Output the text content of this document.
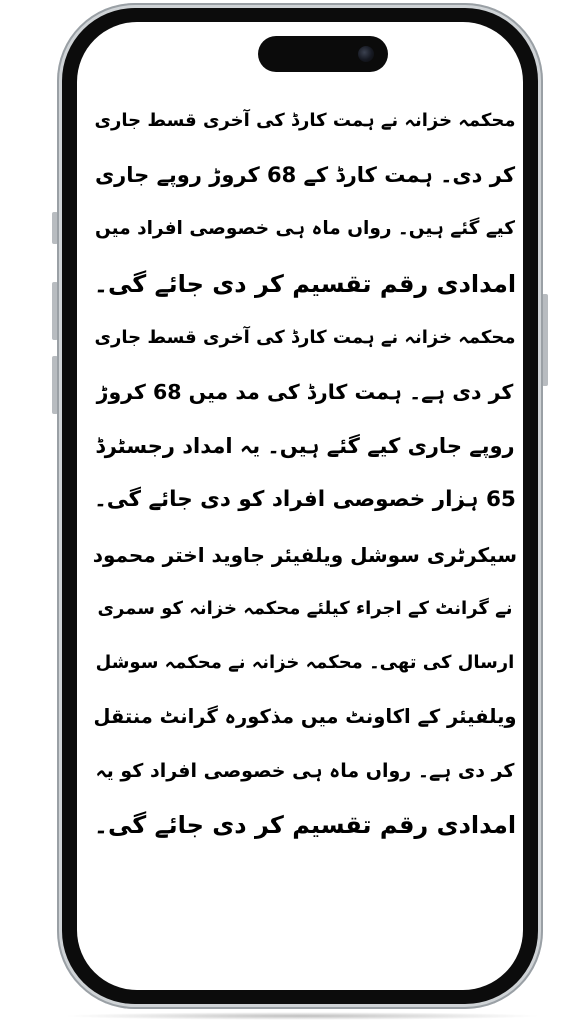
محکمہ خزانہ نے ہمت کارڈ کی آخری قسط جاری
کر دی۔ ہمت کارڈ کے 68 کروڑ روپے جاری
کیے گئے ہیں۔ رواں ماہ ہی خصوصی افراد میں
امدادی رقم تقسیم کر دی جائے گی۔
محکمہ خزانہ نے ہمت کارڈ کی آخری قسط جاری
کر دی ہے۔ ہمت کارڈ کی مد میں 68 کروڑ
روپے جاری کیے گئے ہیں۔ یہ امداد رجسٹرڈ
65 ہزار خصوصی افراد کو دی جائے گی۔
سیکرٹری سوشل ویلفیئر جاوید اختر محمود
نے گرانٹ کے اجراء کیلئے محکمہ خزانہ کو سمری
ارسال کی تھی۔ محکمہ خزانہ نے محکمہ سوشل
ویلفیئر کے اکاونٹ میں مذکورہ گرانٹ منتقل
کر دی ہے۔ رواں ماہ ہی خصوصی افراد کو یہ
امدادی رقم تقسیم کر دی جائے گی۔
